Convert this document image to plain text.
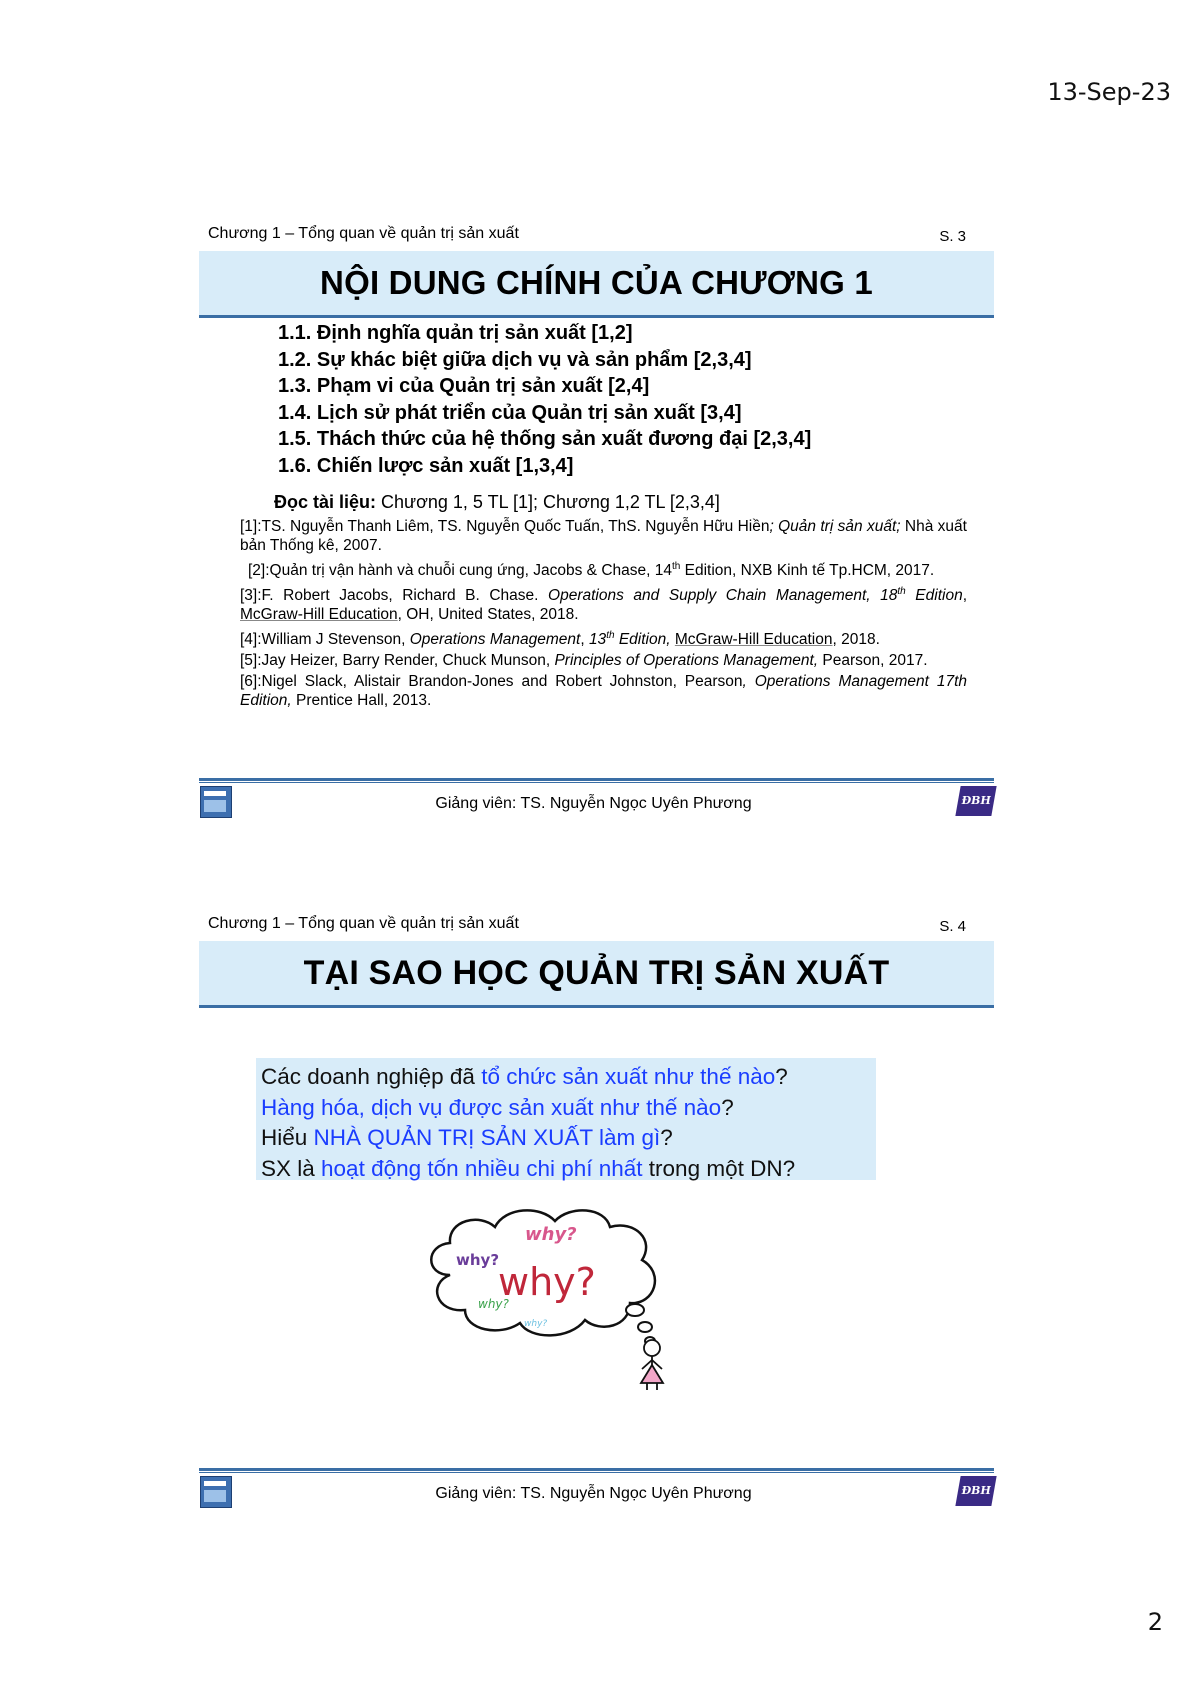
13-Sep-23
Chương 1 – Tổng quan về quản trị sản xuất	S. 3
NỘI DUNG CHÍNH CỦA CHƯƠNG 1
1.1. Định nghĩa quản trị sản xuất [1,2]
1.2. Sự khác biệt giữa dịch vụ và sản phẩm [2,3,4]
1.3. Phạm vi của Quản trị sản xuất [2,4]
1.4. Lịch sử phát triển của Quản trị sản xuất [3,4]
1.5. Thách thức của hệ thống sản xuất đương đại [2,3,4]
1.6. Chiến lược sản xuất [1,3,4]
Đọc tài liệu: Chương 1, 5 TL [1]; Chương 1,2 TL [2,3,4]
[1]:TS. Nguyễn Thanh Liêm, TS. Nguyễn Quốc Tuấn, ThS. Nguyễn Hữu Hiền; Quản trị sản xuất; Nhà xuất bản Thống kê, 2007.
[2]:Quản trị vận hành và chuỗi cung ứng, Jacobs & Chase, 14th Edition, NXB Kinh tế Tp.HCM, 2017.
[3]:F. Robert Jacobs, Richard B. Chase. Operations and Supply Chain Management, 18th Edition, McGraw-Hill Education, OH, United States, 2018.
[4]:William J Stevenson, Operations Management, 13th Edition, McGraw-Hill Education, 2018.
[5]:Jay Heizer, Barry Render, Chuck Munson, Principles of Operations Management, Pearson, 2017.
[6]:Nigel Slack, Alistair Brandon-Jones and Robert Johnston, Pearson, Operations Management 17th Edition, Prentice Hall, 2013.
Giảng viên: TS. Nguyễn Ngọc Uyên Phương	ĐBH
Chương 1 – Tổng quan về quản trị sản xuất	S. 4
TẠI SAO HỌC QUẢN TRỊ SẢN XUẤT
Các doanh nghiệp đã tổ chức sản xuất như thế nào?
Hàng hóa, dịch vụ được sản xuất như thế nào?
Hiểu NHÀ QUẢN TRỊ SẢN XUẤT làm gì?
SX là hoạt động tốn nhiều chi phí nhất trong một DN?
why?
why?
why?
why?
why?
Giảng viên: TS. Nguyễn Ngọc Uyên Phương	ĐBH
2
